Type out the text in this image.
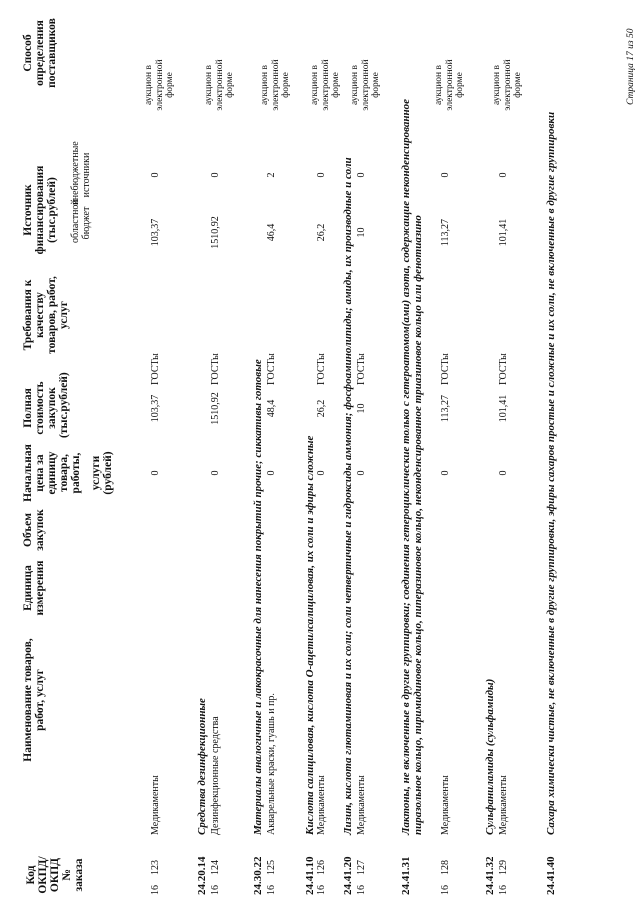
Код ОКПД/ ОКПД № заказа
Наименование товаров, работ, услуг
Единица измерения
Объем закупок
Начальная цена за единицу товара, работы, услуги (рублей)
Полная стоимость закупок (тыс.рублей)
Требования к качеству товаров, работ, услуг
Источник финансирования (тыс.рублей) областной бюджет
внебюджетные источники
Способ определения поставщиков
16
123
Медикаменты
0
103,37
ГОСТы
103,37
0
аукцион в электронной форме
24.20.14
Средства дезинфекционные
16
124
Дезинфекционные средства
0
1510,92
ГОСТы
1510,92
0
аукцион в электронной форме
24.30.22
Материалы аналогичные и лакокрасочные для нанесения покрытий прочие; сиккативы готовые
16
125
Акварельные краски, гуашь и пр.
0
48,4
ГОСТы
46,4
2
аукцион в электронной форме
24.41.10
Кислота салициловая, кислота О-ацетилсалициловая, их соли и эфиры сложные
16
126
Медикаменты
0
26,2
ГОСТы
26,2
0
аукцион в электронной форме
24.41.20
Лизин, кислота глютаминовая и их соли; соли четвертичные и гидроксиды аммония; фосфоаминолипиды; амиды, их производные и соли
16
127
Медикаменты
0
10
ГОСТы
10
0
аукцион в электронной форме
24.41.31
Лактоны, не включенные в другие группировки; соединения гетероциклические только с гетероатомом(ами) азота, содержащие неконденсированное пиразольное кольцо, пиримидиновое кольцо, пиперазиновое кольцо, неконденсированное триазиновое кольцо или фенотиазино
16
128
Медикаменты
0
113,27
ГОСТы
113,27
0
аукцион в электронной форме
24.41.32
Сульфаниламиды (сульфамиды)
16
129
Медикаменты
0
101,41
ГОСТы
101,41
0
аукцион в электронной форме
24.41.40
Сахара химически чистые, не включенные в другие группировки, эфиры сахаров простые и сложные и их соли, не включенные в другие группировки
Страница 17 из 50
